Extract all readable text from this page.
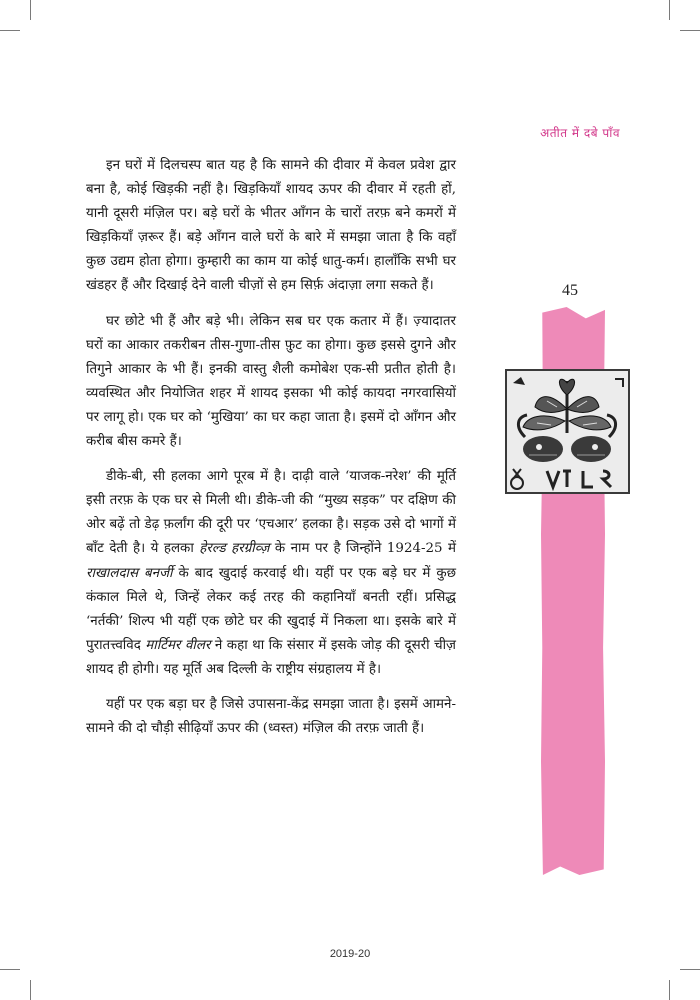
अतीत में दबे पाँव
45

इन घरों में दिलचस्प बात यह है कि सामने की दीवार में केवल प्रवेश द्वार बना है, कोई खिड़की नहीं है। खिड़कियाँ शायद ऊपर की दीवार में रहती हों, यानी दूसरी मंज़िल पर। बड़े घरों के भीतर आँगन के चारों तरफ़ बने कमरों में खिड़कियाँ ज़रूर हैं। बड़े आँगन वाले घरों के बारे में समझा जाता है कि वहाँ कुछ उद्यम होता होगा। कुम्हारी का काम या कोई धातु-कर्म। हालाँकि सभी घर खंडहर हैं और दिखाई देने वाली चीज़ों से हम सिर्फ़ अंदाज़ा लगा सकते हैं।

घर छोटे भी हैं और बड़े भी। लेकिन सब घर एक कतार में हैं। ज़्यादातर घरों का आकार तकरीबन तीस-गुणा-तीस फ़ुट का होगा। कुछ इससे दुगने और तिगुने आकार के भी हैं। इनकी वास्तु शैली कमोबेश एक-सी प्रतीत होती है। व्यवस्थित और नियोजित शहर में शायद इसका भी कोई कायदा नगरवासियों पर लागू हो। एक घर को ‘मुखिया’ का घर कहा जाता है। इसमें दो आँगन और करीब बीस कमरे हैं।

डीके-बी, सी हलका आगे पूरब में है। दाढ़ी वाले ‘याजक-नरेश’ की मूर्ति इसी तरफ़ के एक घर से मिली थी। डीके-जी की “मुख्य सड़क” पर दक्षिण की ओर बढ़ें तो डेढ़ फ़र्लांग की दूरी पर ‘एचआर’ हलका है। सड़क उसे दो भागों में बाँट देती है। ये हलका हेरल्ड हरग्रीव्ज़ के नाम पर है जिन्होंने 1924-25 में राखालदास बनर्जी के बाद खुदाई करवाई थी। यहीं पर एक बड़े घर में कुछ कंकाल मिले थे, जिन्हें लेकर कई तरह की कहानियाँ बनती रहीं। प्रसिद्ध ‘नर्तकी’ शिल्प भी यहीं एक छोटे घर की खुदाई में निकला था। इसके बारे में पुरातत्त्वविद मार्टिमर वीलर ने कहा था कि संसार में इसके जोड़ की दूसरी चीज़ शायद ही होगी। यह मूर्ति अब दिल्ली के राष्ट्रीय संग्रहालय में है।

यहीं पर एक बड़ा घर है जिसे उपासना-केंद्र समझा जाता है। इसमें आमने-सामने की दो चौड़ी सीढ़ियाँ ऊपर की (ध्वस्त) मंज़िल की तरफ़ जाती हैं।

2019-20
